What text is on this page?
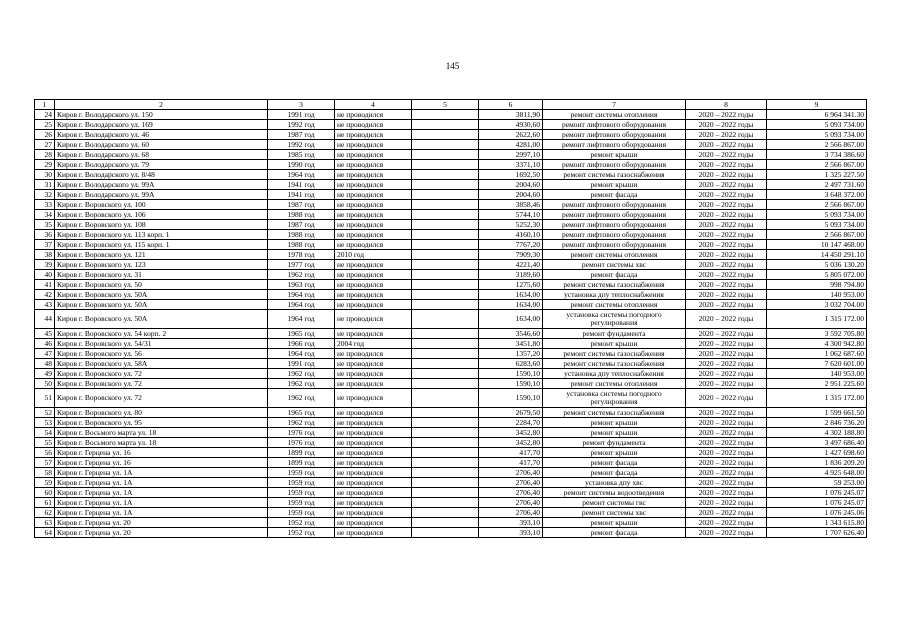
145
1	2	3	4	5	6	7	8	9
24	Киров г. Володарского ул. 150	1991 год	не проводился		3811,90	ремонт системы отопления	2020 – 2022 годы	6 964 341.30
25	Киров г. Володарского ул. 169	1992 год	не проводился		4930,60	ремонт лифтового оборудования	2020 – 2022 годы	5 093 734.00
26	Киров г. Володарского ул. 46	1987 год	не проводился		2622,60	ремонт лифтового оборудования	2020 – 2022 годы	5 093 734.00
27	Киров г. Володарского ул. 60	1992 год	не проводился		4281,00	ремонт лифтового оборудования	2020 – 2022 годы	2 566 867.00
28	Киров г. Володарского ул. 68	1985 год	не проводился		2997,10	ремонт крыши	2020 – 2022 годы	3 734 386.60
29	Киров г. Володарского ул. 79	1990 год	не проводился		3371,10	ремонт лифтового оборудования	2020 – 2022 годы	2 566 867.00
30	Киров г. Володарского ул. 8/48	1964 год	не проводился		1692,50	ремонт системы газоснабжения	2020 – 2022 годы	1 325 227.50
31	Киров г. Володарского ул. 99А	1941 год	не проводился		2004,60	ремонт крыши	2020 – 2022 годы	2 497 731.60
32	Киров г. Володарского ул. 99А	1941 год	не проводился		2004,60	ремонт фасада	2020 – 2022 годы	3 648 372.00
33	Киров г. Воровского ул. 100	1987 год	не проводился		3858,46	ремонт лифтового оборудования	2020 – 2022 годы	2 566 867.00
34	Киров г. Воровского ул. 106	1988 год	не проводился		5744,10	ремонт лифтового оборудования	2020 – 2022 годы	5 093 734.00
35	Киров г. Воровского ул. 108	1987 год	не проводился		5252,30	ремонт лифтового оборудования	2020 – 2022 годы	5 093 734.00
36	Киров г. Воровского ул. 113 корп. 1	1988 год	не проводился		4160,10	ремонт лифтового оборудования	2020 – 2022 годы	2 566 867.00
37	Киров г. Воровского ул. 115 корп. 1	1988 год	не проводился		7767,20	ремонт лифтового оборудования	2020 – 2022 годы	10 147 468.00
38	Киров г. Воровского ул. 121	1978 год	2010 год		7909,30	ремонт системы отопления	2020 – 2022 годы	14 450 291.10
39	Киров г. Воровского ул. 123	1977 год	не проводился		4221,40	ремонт системы хвс	2020 – 2022 годы	5 036 130.20
40	Киров г. Воровского ул. 31	1962 год	не проводился		3189,60	ремонт фасада	2020 – 2022 годы	5 805 072.00
41	Киров г. Воровского ул. 50	1963 год	не проводился		1275,60	ремонт системы газоснабжения	2020 – 2022 годы	998 794.80
42	Киров г. Воровского ул. 50А	1964 год	не проводился		1634,00	установка дпу теплоснабжения	2020 – 2022 годы	140 953.00
43	Киров г. Воровского ул. 50А	1964 год	не проводился		1634,00	ремонт системы отопления	2020 – 2022 годы	3 032 704.00
44	Киров г. Воровского ул. 50А	1964 год	не проводился		1634,00	установка системы погодного регулирования	2020 – 2022 годы	1 315 172.00
45	Киров г. Воровского ул. 54 корп. 2	1965 год	не проводился		3546,60	ремонт фундамента	2020 – 2022 годы	3 592 705.80
46	Киров г. Воровского ул. 54/31	1966 год	2004 год		3451,80	ремонт крыши	2020 – 2022 годы	4 300 942.80
47	Киров г. Воровского ул. 56	1964 год	не проводился		1357,20	ремонт системы газоснабжения	2020 – 2022 годы	1 062 687.60
48	Киров г. Воровского ул. 58А	1991 год	не проводился		6283,60	ремонт системы газоснабжения	2020 – 2022 годы	7 620 601.00
49	Киров г. Воровского ул. 72	1962 год	не проводился		1590,10	установка дпу теплоснабжения	2020 – 2022 годы	140 953.00
50	Киров г. Воровского ул. 72	1962 год	не проводился		1590,10	ремонт системы отопления	2020 – 2022 годы	2 951 225.60
51	Киров г. Воровского ул. 72	1962 год	не проводился		1590,10	установка системы погодного регулирования	2020 – 2022 годы	1 315 172.00
52	Киров г. Воровского ул. 80	1965 год	не проводился		2679,50	ремонт системы газоснабжения	2020 – 2022 годы	1 599 661.50
53	Киров г. Воровского ул. 95	1962 год	не проводился		2284,70	ремонт крыши	2020 – 2022 годы	2 846 736.20
54	Киров г. Восьмого марта ул. 18	1976 год	не проводился		3452,80	ремонт крыши	2020 – 2022 годы	4 302 188.80
55	Киров г. Восьмого марта ул. 18	1976 год	не проводился		3452,80	ремонт фундамента	2020 – 2022 годы	3 497 686.40
56	Киров г. Герцена ул. 16	1899 год	не проводился		417,70	ремонт крыши	2020 – 2022 годы	1 427 698.60
57	Киров г. Герцена ул. 16	1899 год	не проводился		417,70	ремонт фасада	2020 – 2022 годы	1 836 209.20
58	Киров г. Герцена ул. 1А	1959 год	не проводился		2706,40	ремонт фасада	2020 – 2022 годы	4 925 648.00
59	Киров г. Герцена ул. 1А	1959 год	не проводился		2706,40	установка дпу хвс	2020 – 2022 годы	59 253.00
60	Киров г. Герцена ул. 1А	1959 год	не проводился		2706,40	ремонт системы водоотведения	2020 – 2022 годы	1 076 245.07
61	Киров г. Герцена ул. 1А	1959 год	не проводился		2706,40	ремонт системы гвс	2020 – 2022 годы	1 076 245.07
62	Киров г. Герцена ул. 1А	1959 год	не проводился		2706,40	ремонт системы хвс	2020 – 2022 годы	1 076 245.06
63	Киров г. Герцена ул. 20	1952 год	не проводился		393,10	ремонт крыши	2020 – 2022 годы	1 343 615.80
64	Киров г. Герцена ул. 20	1952 год	не проводился		393,10	ремонт фасада	2020 – 2022 годы	1 707 626.40
